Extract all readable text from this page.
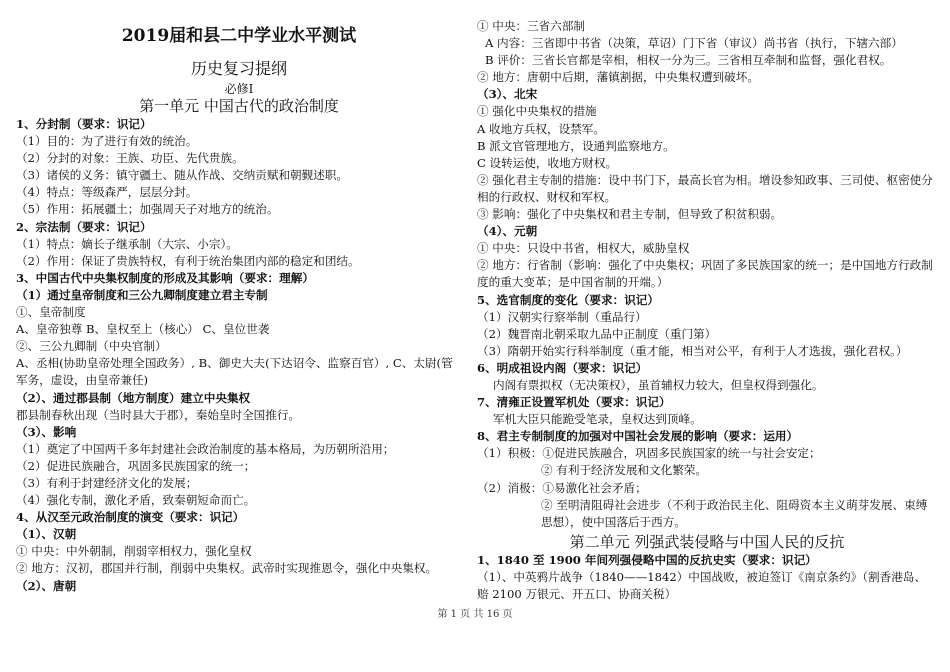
2019届和县二中学业水平测试

历史复习提纲

必修Ⅰ

第一单元 中国古代的政治制度

1、分封制（要求：识记）

（1）目的：为了进行有效的统治。

（2）分封的对象：王族、功臣、先代贵族。

（3）诸侯的义务：镇守疆土、随从作战、交纳贡赋和朝觐述职。

（4）特点：等级森严，层层分封。

（5）作用：拓展疆土；加强周天子对地方的统治。

2、宗法制（要求：识记）

（1）特点：嫡长子继承制（大宗、小宗）。

（2）作用：保证了贵族特权，有利于统治集团内部的稳定和团结。

3、中国古代中央集权制度的形成及其影响（要求：理解）

（1）通过皇帝制度和三公九卿制度建立君主专制

①、皇帝制度

A、皇帝独尊 B、皇权至上（核心） C、皇位世袭

②、三公九卿制（中央官制）

A、丞相(协助皇帝处理全国政务）, B、御史大夫(下达诏令、监察百官）, C、太尉(管军务，虚设，由皇帝兼任)

（2）、通过郡县制（地方制度）建立中央集权

郡县制春秋出现（当时县大于郡），秦始皇时全国推行。

（3）、影响

（1）奠定了中国两千多年封建社会政治制度的基本格局，为历朝所沿用；

（2）促进民族融合，巩固多民族国家的统一；

（3）有利于封建经济文化的发展；

（4）强化专制，激化矛盾，致秦朝短命而亡。

4、从汉至元政治制度的演变（要求：识记）

（1）、汉朝

① 中央：中外朝制，削弱宰相权力，强化皇权

② 地方：汉初，郡国并行制，削弱中央集权。武帝时实现推恩令，强化中央集权。

（2）、唐朝

① 中央：三省六部制

A 内容：三省即中书省（决策，草诏）门下省（审议）尚书省（执行，下辖六部）

B 评价：三省长官都是宰相，相权一分为三。三省相互牵制和监督，强化君权。

② 地方：唐朝中后期，藩镇割据，中央集权遭到破坏。

（3）、北宋

① 强化中央集权的措施

A 收地方兵权，设禁军。

B 派文官管理地方，设通判监察地方。

C 设转运使，收地方财权。

② 强化君主专制的措施：设中书门下，最高长官为相。增设参知政事、三司使、枢密使分相的行政权、财权和军权。

③ 影响：强化了中央集权和君主专制，但导致了积贫积弱。

（4）、元朝

① 中央：只设中书省，相权大，威胁皇权

② 地方：行省制（影响：强化了中央集权；巩固了多民族国家的统一；是中国地方行政制度的重大变革；是中国省制的开端。）

5、选官制度的变化（要求：识记）

（1）汉朝实行察举制（重品行）

（2）魏晋南北朝采取九品中正制度（重门第）

（3）隋朝开始实行科举制度（重才能，相当对公平，有利于人才选拔，强化君权。）

6、明成祖设内阁（要求：识记）

内阁有票拟权（无决策权），虽首辅权力较大，但皇权得到强化。

7、清雍正设置军机处（要求：识记）

军机大臣只能跪受笔录，皇权达到顶峰。

8、君主专制制度的加强对中国社会发展的影响（要求：运用）

（1）积极：①促进民族融合，巩固多民族国家的统一与社会安定；

② 有利于经济发展和文化繁荣。

（2）消极：①易激化社会矛盾；

② 至明清阻碍社会进步（不利于政治民主化、阻碍资本主义萌芽发展、束缚思想），使中国落后于西方。

第二单元 列强武装侵略与中国人民的反抗

1、1840 至 1900 年间列强侵略中国的反抗史实（要求：识记）

（1）、中英鸦片战争（1840——1842）中国战败，被迫签订《南京条约》（割香港岛、赔 2100 万银元、开五口、协商关税）

第 1 页 共 16 页
